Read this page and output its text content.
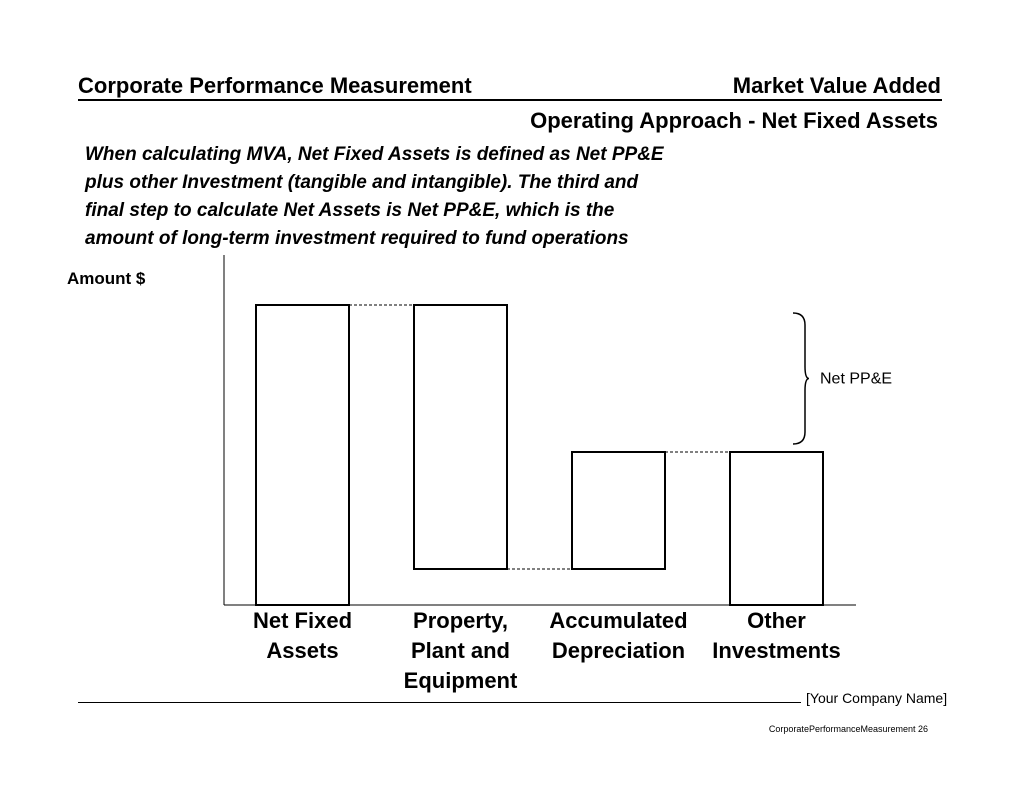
Corporate Performance Measurement	Market Value Added
Operating Approach - Net Fixed Assets
When calculating MVA, Net Fixed Assets is defined as Net PP&E
plus other Investment (tangible and intangible). The third and
final step to calculate Net Assets is Net PP&E, which is the
amount of long-term investment required to fund operations
Amount $
Net Fixed Assets
Property, Plant and Equipment
Accumulated Depreciation
Other Investments
Net PP&E
[Your Company Name]
CorporatePerformanceMeasurement 26
